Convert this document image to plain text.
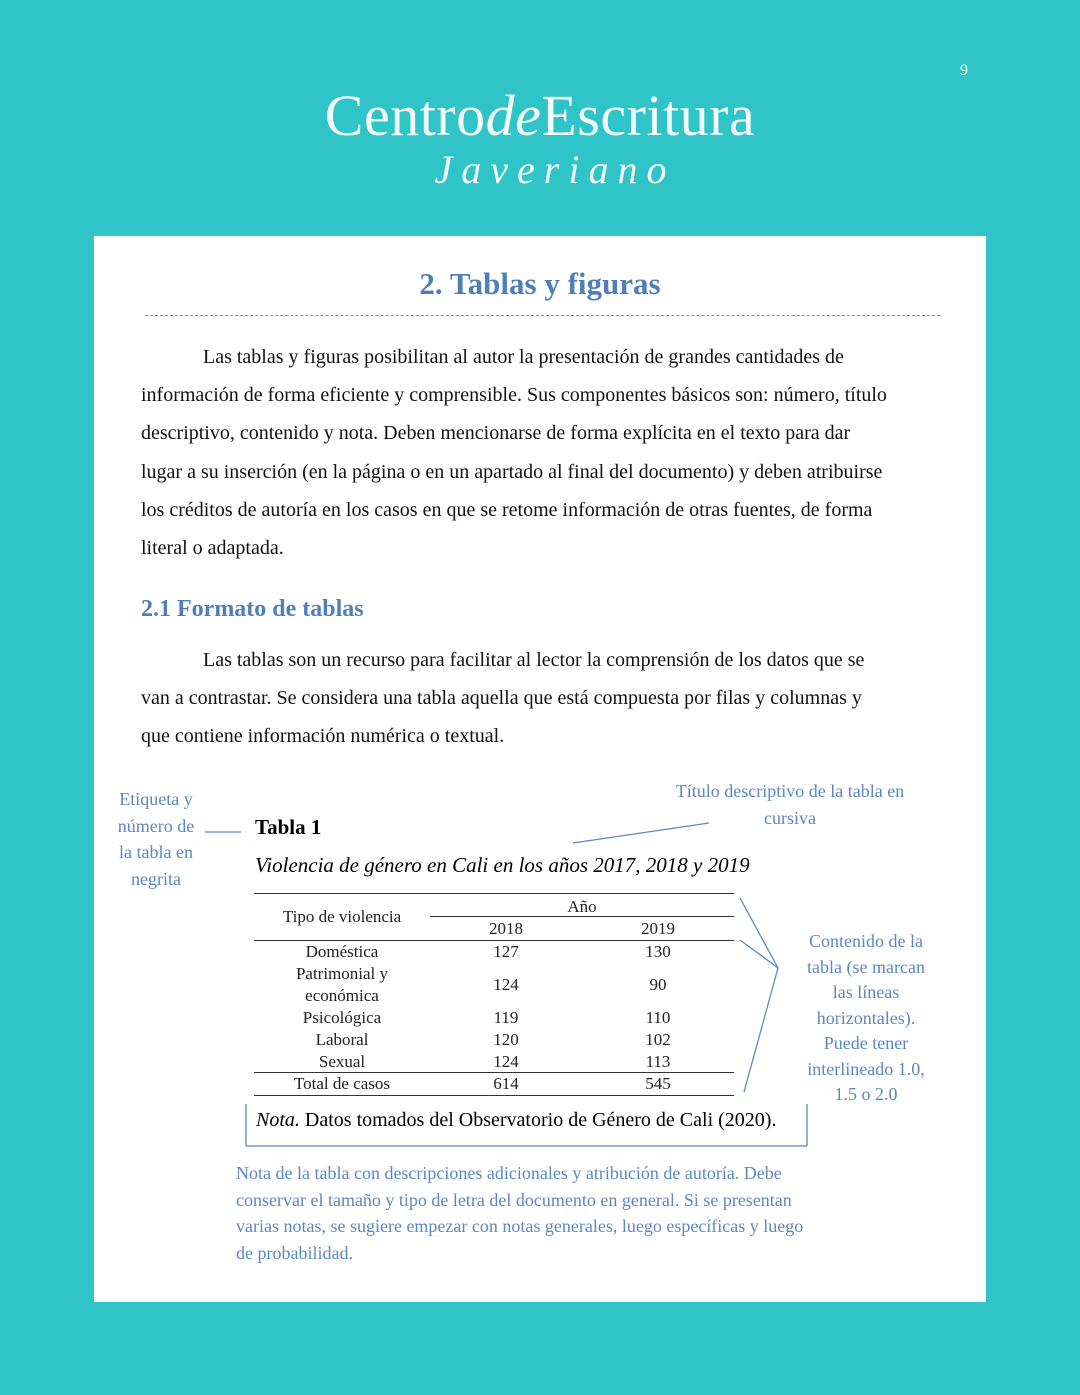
9
CentrodeEscritura
Javeriano
2. Tablas y figuras
Las tablas y figuras posibilitan al autor la presentación de grandes cantidades de
información de forma eficiente y comprensible. Sus componentes básicos son: número, título
descriptivo, contenido y nota. Deben mencionarse de forma explícita en el texto para dar
lugar a su inserción (en la página o en un apartado al final del documento) y deben atribuirse
los créditos de autoría en los casos en que se retome información de otras fuentes, de forma
literal o adaptada.
2.1 Formato de tablas
Las tablas son un recurso para facilitar al lector la comprensión de los datos que se
van a contrastar. Se considera una tabla aquella que está compuesta por filas y columnas y
que contiene información numérica o textual.
Etiqueta y
número de
la tabla en
negrita
Título descriptivo de la tabla en
cursiva
Contenido de la
tabla (se marcan
las líneas
horizontales).
Puede tener
interlineado 1.0,
1.5 o 2.0
Nota de la tabla con descripciones adicionales y atribución de autoría. Debe
conservar el tamaño y tipo de letra del documento en general. Si se presentan
varias notas, se sugiere empezar con notas generales, luego específicas y luego
de probabilidad.
Tabla 1
Violencia de género en Cali en los años 2017, 2018 y 2019
Tipo de violencia
Año
2018	2019
Doméstica	127	130
Patrimonial y
económica
124	90
Psicológica	119	110
Laboral	120	102
Sexual	124	113
Total de casos	614	545
Nota. Datos tomados del Observatorio de Género de Cali (2020).
